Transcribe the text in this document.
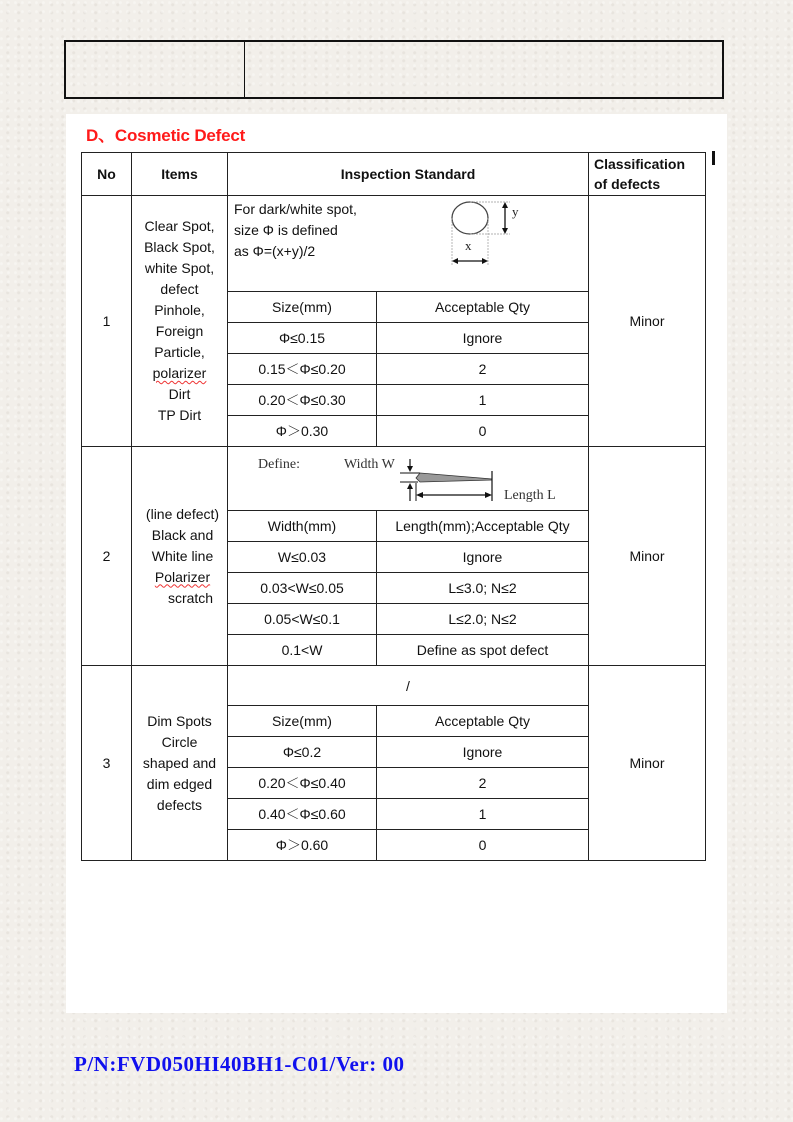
D、Cosmetic Defect
No	Items	Inspection Standard		Classification
of defects
1	Clear Spot,
Black Spot,
white Spot,
defect
Pinhole,
Foreign
Particle,
polarizer
Dirt
TP Dirt	
For dark/white spot,
size Φ is defined
as Φ=(x+y)/2
y
x
	Minor
		Size(mm)	Acceptable Qty	
		Φ≤0.15	Ignore	
		0.15＜Φ≤0.20	2	
		0.20＜Φ≤0.30	1	
		Φ＞0.30	0	
2	(line defect)
Black and
White line
Polarizer
scratch	Define: Width W
Length L		Minor
		Width(mm)	Length(mm);Acceptable Qty	
		W≤0.03	Ignore	
		0.03<W≤0.05	L≤3.0; N≤2	
		0.05<W≤0.1	L≤2.0; N≤2	
		0.1<W	Define as spot defect	
3	Dim Spots
Circle
shaped and
dim edged
defects	/		Minor
		Size(mm)	Acceptable Qty	
		Φ≤0.2	Ignore	
		0.20＜Φ≤0.40	2	
		0.40＜Φ≤0.60	1	
		Φ＞0.60	0	
P/N:FVD050HI40BH1-C01/Ver: 00
